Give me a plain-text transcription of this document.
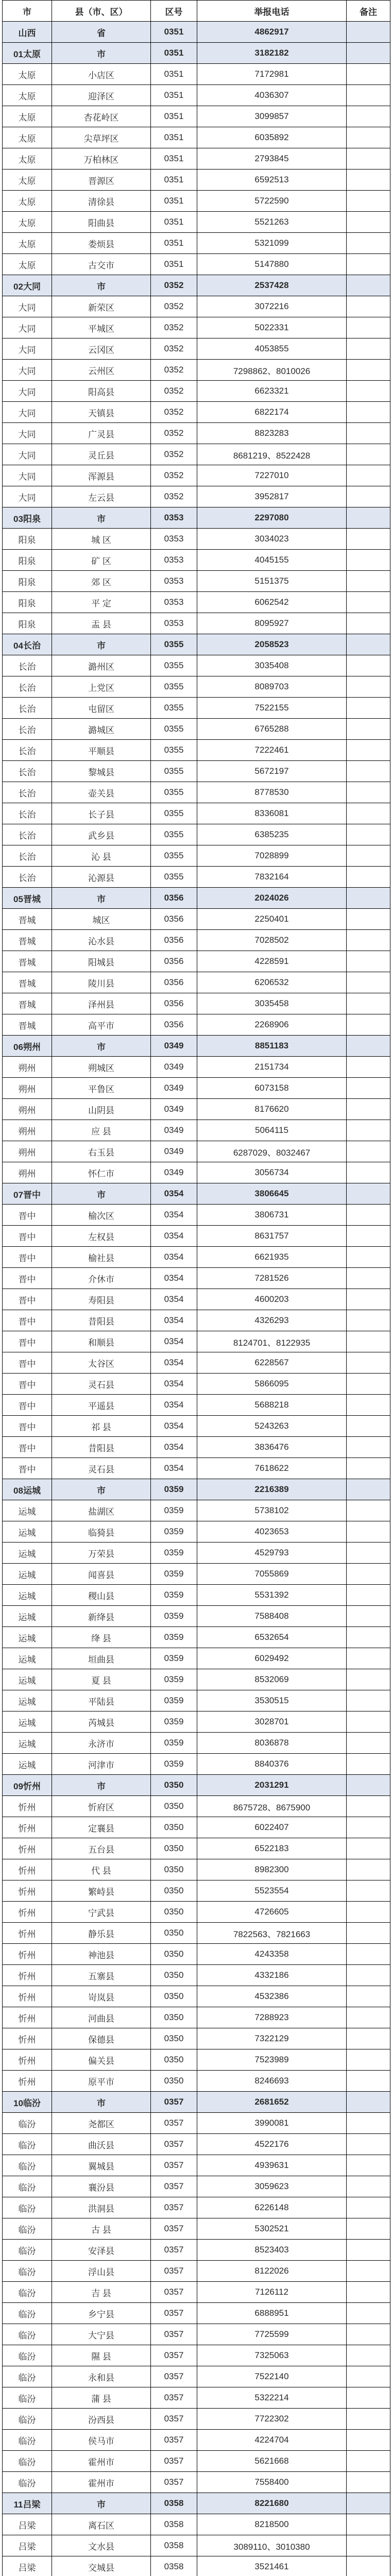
市	县（市、区）	区号	举报电话	备注
山西	省	0351	4862917	
01太原	市	0351	3182182	
太原	小店区	0351	7172981	
太原	迎泽区	0351	4036307	
太原	杏花岭区	0351	3099857	
太原	尖草坪区	0351	6035892	
太原	万柏林区	0351	2793845	
太原	晋源区	0351	6592513	
太原	清徐县	0351	5722590	
太原	阳曲县	0351	5521263	
太原	娄烦县	0351	5321099	
太原	古交市	0351	5147880	
02大同	市	0352	2537428	
大同	新荣区	0352	3072216	
大同	平城区	0352	5022331	
大同	云冈区	0352	4053855	
大同	云州区	0352	7298862、8010026	
大同	阳高县	0352	6623321	
大同	天镇县	0352	6822174	
大同	广灵县	0352	8823283	
大同	灵丘县	0352	8681219、8522428	
大同	浑源县	0352	7227010	
大同	左云县	0352	3952817	
03阳泉	市	0353	2297080	
阳泉	城 区	0353	3034023	
阳泉	矿 区	0353	4045155	
阳泉	郊 区	0353	5151375	
阳泉	平 定	0353	6062542	
阳泉	盂 县	0353	8095927	
04长治	市	0355	2058523	
长治	潞州区	0355	3035408	
长治	上党区	0355	8089703	
长治	屯留区	0355	7522155	
长治	潞城区	0355	6765288	
长治	平顺县	0355	7222461	
长治	黎城县	0355	5672197	
长治	壶关县	0355	8778530	
长治	长子县	0355	8336081	
长治	武乡县	0355	6385235	
长治	沁 县	0355	7028899	
长治	沁源县	0355	7832164	
05晋城	市	0356	2024026	
晋城	城区	0356	2250401	
晋城	沁水县	0356	7028502	
晋城	阳城县	0356	4228591	
晋城	陵川县	0356	6206532	
晋城	泽州县	0356	3035458	
晋城	高平市	0356	2268906	
06朔州	市	0349	8851183	
朔州	朔城区	0349	2151734	
朔州	平鲁区	0349	6073158	
朔州	山阴县	0349	8176620	
朔州	应 县	0349	5064115	
朔州	右玉县	0349	6287029、8032467	
朔州	怀仁市	0349	3056734	
07晋中	市	0354	3806645	
晋中	榆次区	0354	3806731	
晋中	左权县	0354	8631757	
晋中	榆社县	0354	6621935	
晋中	介休市	0354	7281526	
晋中	寿阳县	0354	4600203	
晋中	昔阳县	0354	4326293	
晋中	和顺县	0354	8124701、8122935	
晋中	太谷区	0354	6228567	
晋中	灵石县	0354	5866095	
晋中	平遥县	0354	5688218	
晋中	祁 县	0354	5243263	
晋中	昔阳县	0354	3836476	
晋中	灵石县	0354	7618622	
08运城	市	0359	2216389	
运城	盐湖区	0359	5738102	
运城	临猗县	0359	4023653	
运城	万荣县	0359	4529793	
运城	闻喜县	0359	7055869	
运城	稷山县	0359	5531392	
运城	新绛县	0359	7588408	
运城	绛 县	0359	6532654	
运城	垣曲县	0359	6029492	
运城	夏 县	0359	8532069	
运城	平陆县	0359	3530515	
运城	芮城县	0359	3028701	
运城	永济市	0359	8036878	
运城	河津市	0359	8840376	
09忻州	市	0350	2031291	
忻州	忻府区	0350	8675728、8675900	
忻州	定襄县	0350	6022407	
忻州	五台县	0350	6522183	
忻州	代 县	0350	8982300	
忻州	繁峙县	0350	5523554	
忻州	宁武县	0350	4726605	
忻州	静乐县	0350	7822563、7821663	
忻州	神池县	0350	4243358	
忻州	五寨县	0350	4332186	
忻州	岢岚县	0350	4532386	
忻州	河曲县	0350	7288923	
忻州	保德县	0350	7322129	
忻州	偏关县	0350	7523989	
忻州	原平市	0350	8246693	
10临汾	市	0357	2681652	
临汾	尧都区	0357	3990081	
临汾	曲沃县	0357	4522176	
临汾	翼城县	0357	4939631	
临汾	襄汾县	0357	3059623	
临汾	洪洞县	0357	6226148	
临汾	古 县	0357	5302521	
临汾	安泽县	0357	8523403	
临汾	浮山县	0357	8122026	
临汾	吉 县	0357	7126112	
临汾	乡宁县	0357	6888951	
临汾	大宁县	0357	7725599	
临汾	隰 县	0357	7325063	
临汾	永和县	0357	7522140	
临汾	蒲 县	0357	5322214	
临汾	汾西县	0357	7722302	
临汾	侯马市	0357	4224704	
临汾	霍州市	0357	5621668	
临汾	霍州市	0357	7558400	
11吕梁	市	0358	8221680	
吕梁	离石区	0358	8218500	
吕梁	文水县	0358	3089110、3010380	
吕梁	交城县	0358	3521461	
